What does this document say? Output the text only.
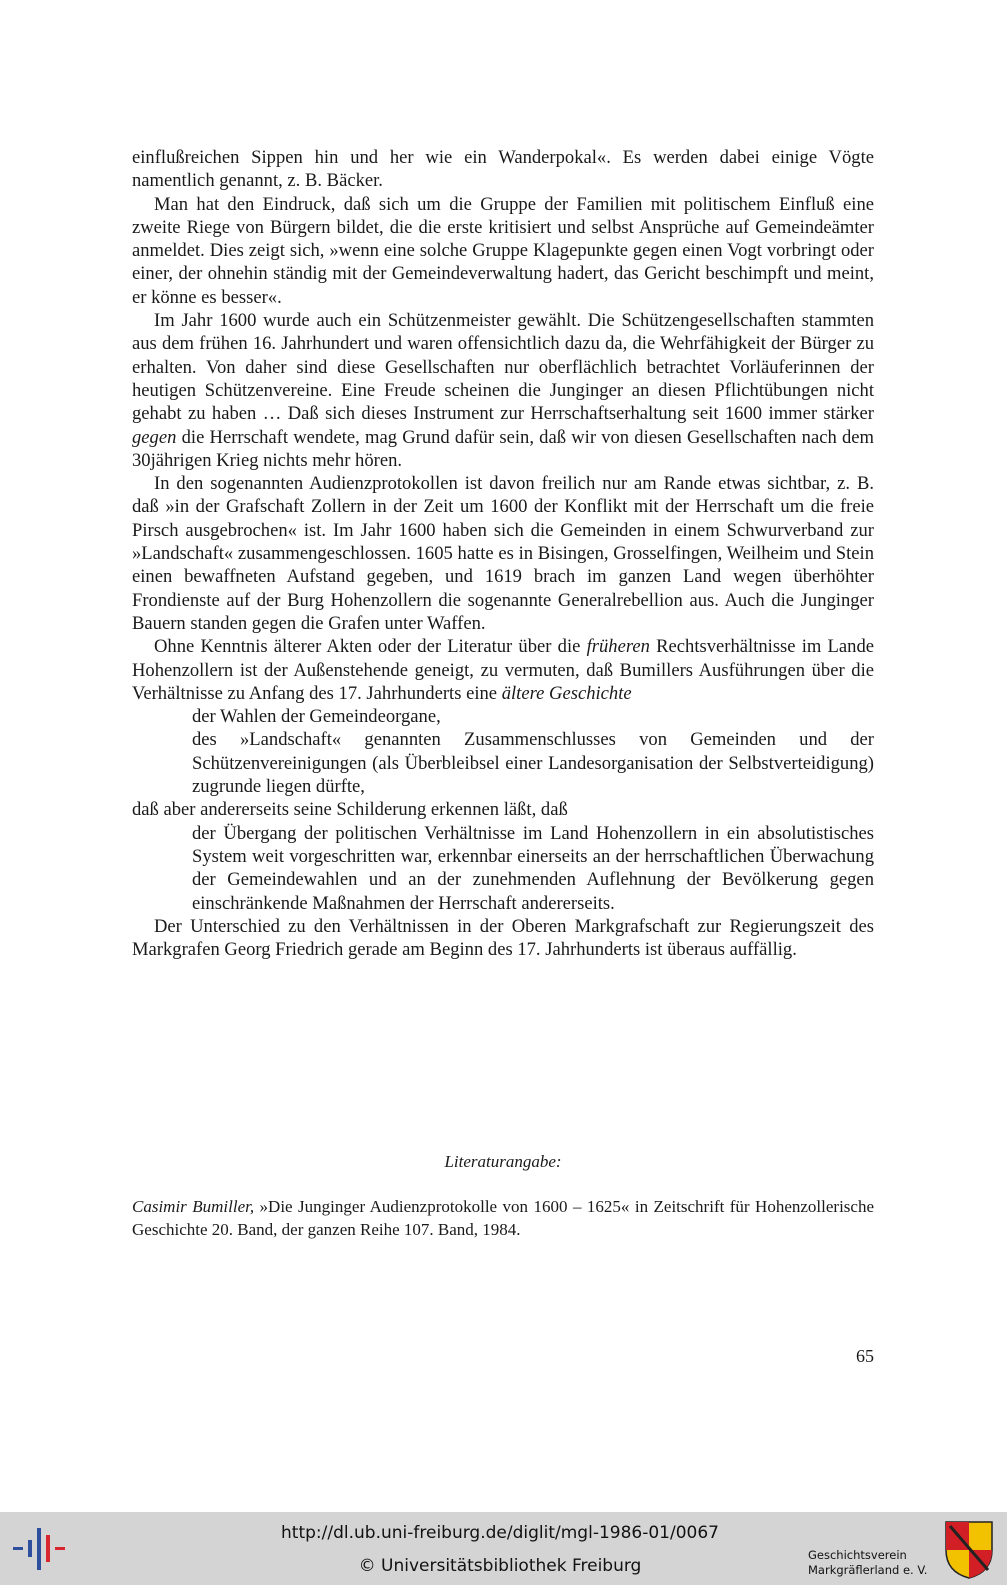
einflußreichen Sippen hin und her wie ein Wanderpokal«. Es werden dabei einige Vögte namentlich genannt, z. B. Bäcker.

Man hat den Eindruck, daß sich um die Gruppe der Familien mit politischem Einfluß eine zweite Riege von Bürgern bildet, die die erste kritisiert und selbst Ansprüche auf Gemeindeämter anmeldet. Dies zeigt sich, »wenn eine solche Gruppe Klagepunkte gegen einen Vogt vorbringt oder einer, der ohnehin ständig mit der Gemeindeverwaltung hadert, das Gericht beschimpft und meint, er könne es besser«.

Im Jahr 1600 wurde auch ein Schützenmeister gewählt. Die Schützengesellschaften stammten aus dem frühen 16. Jahrhundert und waren offensichtlich dazu da, die Wehrfähigkeit der Bürger zu erhalten. Von daher sind diese Gesellschaften nur oberflächlich betrachtet Vorläuferinnen der heutigen Schützenvereine. Eine Freude scheinen die Junginger an diesen Pflichtübungen nicht gehabt zu haben … Daß sich dieses Instrument zur Herrschaftserhaltung seit 1600 immer stärker gegen die Herrschaft wendete, mag Grund dafür sein, daß wir von diesen Gesellschaften nach dem 30jährigen Krieg nichts mehr hören.

In den sogenannten Audienzprotokollen ist davon freilich nur am Rande etwas sichtbar, z. B. daß »in der Grafschaft Zollern in der Zeit um 1600 der Konflikt mit der Herrschaft um die freie Pirsch ausgebrochen« ist. Im Jahr 1600 haben sich die Gemeinden in einem Schwurverband zur »Landschaft« zusammengeschlossen. 1605 hatte es in Bisingen, Grosselfingen, Weilheim und Stein einen bewaffneten Aufstand gegeben, und 1619 brach im ganzen Land wegen überhöhter Frondienste auf der Burg Hohenzollern die sogenannte Generalrebellion aus. Auch die Junginger Bauern standen gegen die Grafen unter Waffen.

Ohne Kenntnis älterer Akten oder der Literatur über die früheren Rechtsverhältnisse im Lande Hohenzollern ist der Außenstehende geneigt, zu vermuten, daß Bumillers Ausführungen über die Verhältnisse zu Anfang des 17. Jahrhunderts eine ältere Geschichte

der Wahlen der Gemeindeorgane,

des »Landschaft« genannten Zusammenschlusses von Gemeinden und der Schützenvereinigungen (als Überbleibsel einer Landesorganisation der Selbstverteidigung) zugrunde liegen dürfte,

daß aber andererseits seine Schilderung erkennen läßt, daß

der Übergang der politischen Verhältnisse im Land Hohenzollern in ein absolutistisches System weit vorgeschritten war, erkennbar einerseits an der herrschaftlichen Überwachung der Gemeindewahlen und an der zunehmenden Auflehnung der Bevölkerung gegen einschränkende Maßnahmen der Herrschaft andererseits.

Der Unterschied zu den Verhältnissen in der Oberen Markgrafschaft zur Regierungszeit des Markgrafen Georg Friedrich gerade am Beginn des 17. Jahrhunderts ist überaus auffällig.

Literaturangabe:
Casimir Bumiller, »Die Junginger Audienzprotokolle von 1600 – 1625« in Zeitschrift für Hohenzollerische Geschichte 20. Band, der ganzen Reihe 107. Band, 1984.
65
http://dl.ub.uni-freiburg.de/diglit/mgl-1986-01/0067
© Universitätsbibliothek Freiburg
Geschichtsverein
Markgräflerland e. V.
